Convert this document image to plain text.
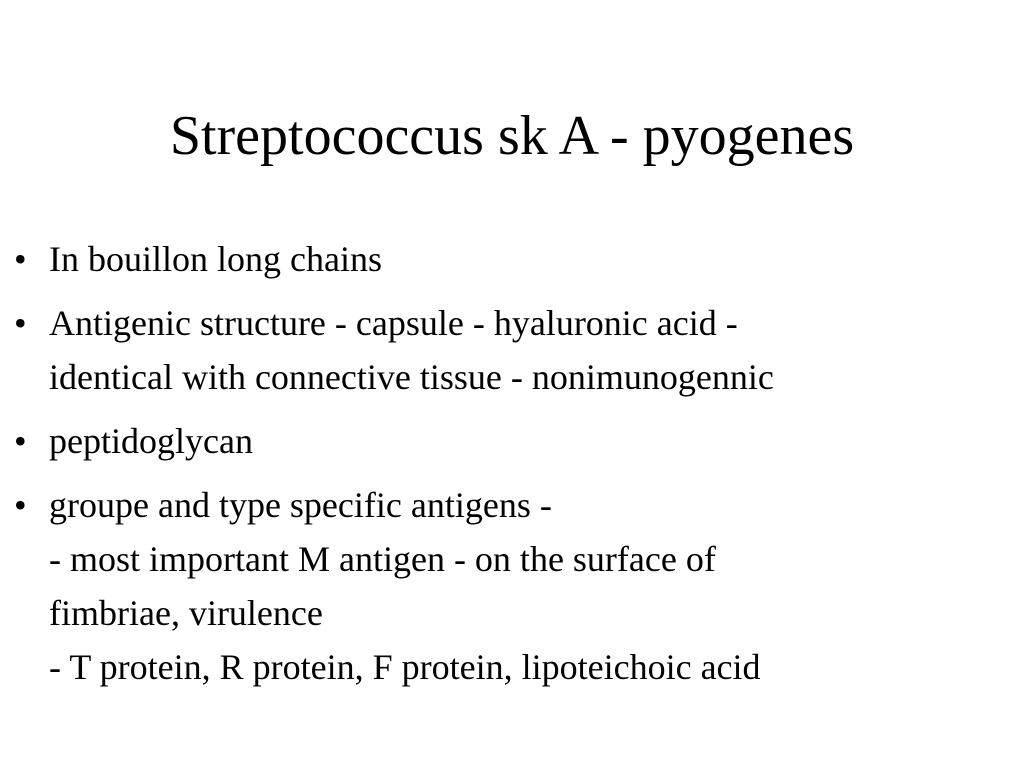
Streptococcus sk A - pyogenes
• In bouillon long chains
• Antigenic structure - capsule - hyaluronic acid -
identical with connective tissue - nonimunogennic
• peptidoglycan
• groupe and type specific antigens -
- most important M antigen - on the surface of
fimbriae, virulence
- T protein, R protein, F protein, lipoteichoic acid
